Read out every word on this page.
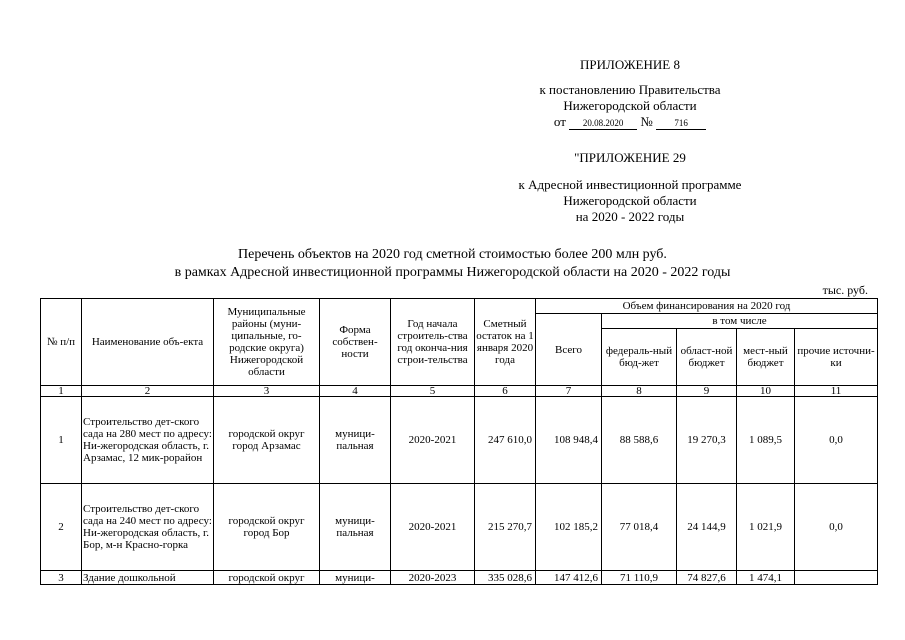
ПРИЛОЖЕНИЕ 8
к постановлению Правительства
Нижегородской области
от 20.08.2020 № 716
"ПРИЛОЖЕНИЕ 29
к Адресной инвестиционной программе
Нижегородской области
на 2020 - 2022 годы
Перечень объектов на 2020 год сметной стоимостью более 200 млн руб.
в рамках Адресной инвестиционной программы Нижегородской области на 2020 - 2022 годы
тыс. руб.
№ п/п	Наименование объ-екта	Муниципальные районы (муни-ципальные, го-родские округа) Нижегородской области	Форма собствен-ности	Год начала строитель-ства год оконча-ния строи-тельства	Сметный остаток на 1 января 2020 года	Объем финансирования на 2020 год				
						Всего	в том числе			
							федераль-ный бюд-жет	област-ной бюджет	мест-ный бюджет	прочие источни-ки
1	2	3	4	5	6	7	8	9	10	11
1	Строительство дет-ского сада на 280 мест по адресу: Ни-жегородская область, г. Арзамас, 12 мик-рорайон	городской округ город Арзамас	муници-пальная	2020-2021	247 610,0	108 948,4	88 588,6	19 270,3	1 089,5	0,0
2	Строительство дет-ского сада на 240 мест по адресу: Ни-жегородская область, г. Бор, м-н Красно-горка	городской округ город Бор	муници-пальная	2020-2021	215 270,7	102 185,2	77 018,4	24 144,9	1 021,9	0,0
3	Здание дошкольной	городской округ	муници-	2020-2023	335 028,6	147 412,6	71 110,9	74 827,6	1 474,1	
